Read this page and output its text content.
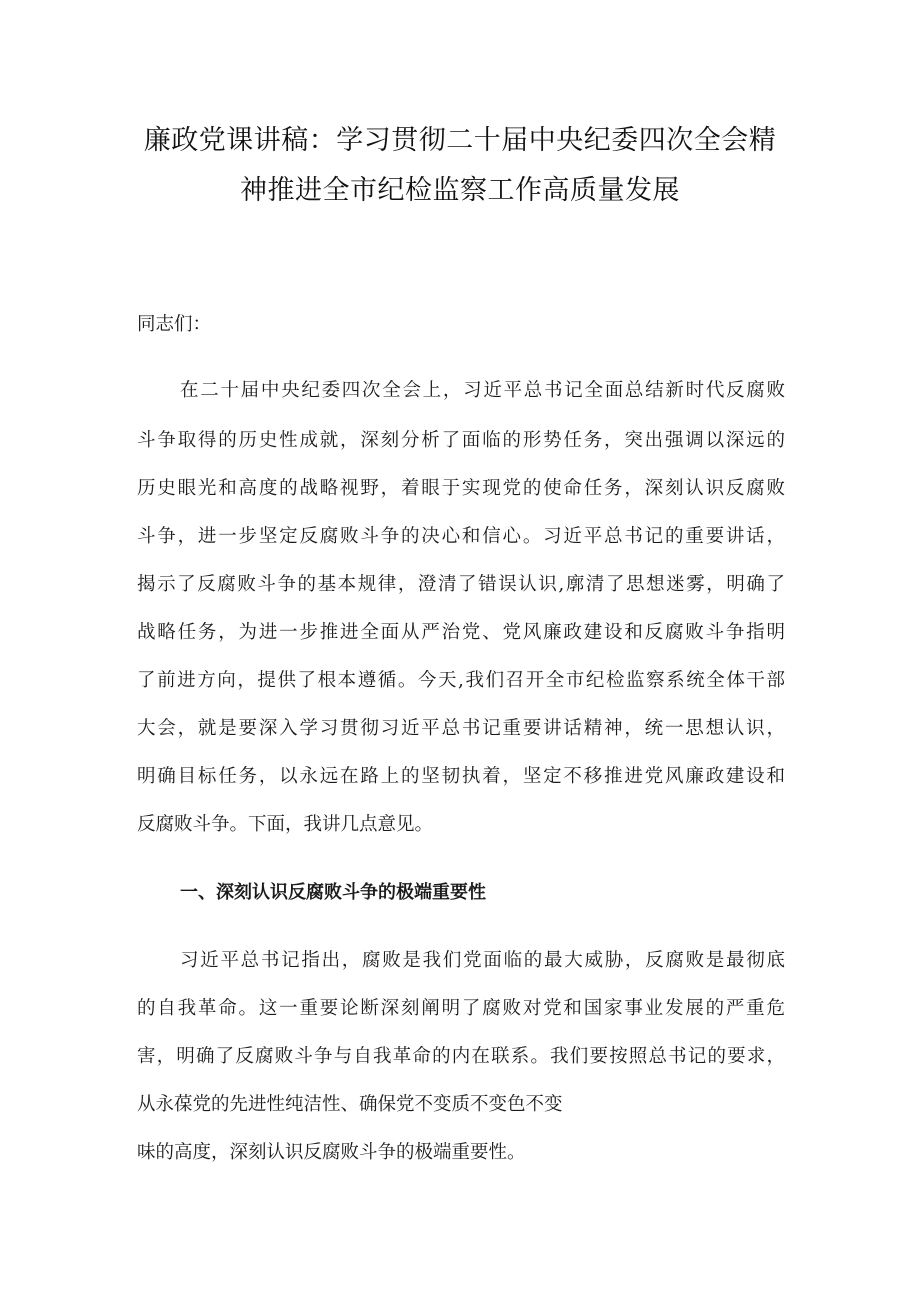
廉政党课讲稿：学习贯彻二十届中央纪委四次全会精
神推进全市纪检监察工作高质量发展
同志们：
在二十届中央纪委四次全会上，习近平总书记全面总结新时代反腐败
斗争取得的历史性成就，深刻分析了面临的形势任务，突出强调以深远的
历史眼光和高度的战略视野，着眼于实现党的使命任务，深刻认识反腐败
斗争，进一步坚定反腐败斗争的决心和信心。习近平总书记的重要讲话，
揭示了反腐败斗争的基本规律，澄清了错误认识,廓清了思想迷雾，明确了
战略任务，为进一步推进全面从严治党、党风廉政建设和反腐败斗争指明
了前进方向，提供了根本遵循。今天,我们召开全市纪检监察系统全体干部
大会，就是要深入学习贯彻习近平总书记重要讲话精神，统一思想认识，
明确目标任务，以永远在路上的坚韧执着，坚定不移推进党风廉政建设和
反腐败斗争。下面，我讲几点意见。
一、深刻认识反腐败斗争的极端重要性
习近平总书记指出，腐败是我们党面临的最大威胁，反腐败是最彻底
的自我革命。这一重要论断深刻阐明了腐败对党和国家事业发展的严重危
害，明确了反腐败斗争与自我革命的内在联系。我们要按照总书记的要求，
从永葆党的先进性纯洁性、确保党不变质不变色不变
味的高度，深刻认识反腐败斗争的极端重要性。
